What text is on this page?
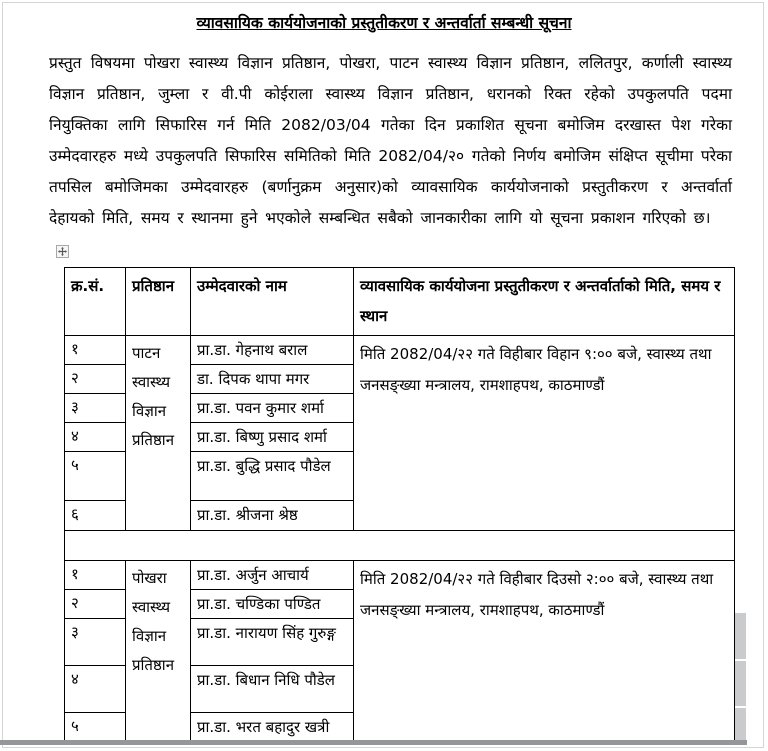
व्यावसायिक कार्ययोजनाको प्रस्तुतीकरण र अन्तर्वार्ता सम्बन्धी सूचना

प्रस्तुत विषयमा पोखरा स्वास्थ्य विज्ञान प्रतिष्ठान, पोखरा, पाटन स्वास्थ्य विज्ञान प्रतिष्ठान, ललितपुर, कर्णाली स्वास्थ्य विज्ञान प्रतिष्ठान, जुम्ला र वी.पी कोईराला स्वास्थ्य विज्ञान प्रतिष्ठान, धरानको रिक्त रहेको उपकुलपति पदमा नियुक्तिका लागि सिफारिस गर्न मिति 2082/03/04 गतेका दिन प्रकाशित सूचना बमोजिम दरखास्त पेश गरेका उम्मेदवारहरु मध्ये उपकुलपति सिफारिस समितिको मिति 2082/04/२० गतेको निर्णय बमोजिम संक्षिप्त सूचीमा परेका तपसिल बमोजिमका उम्मेदवारहरु (बर्णानुक्रम अनुसार)को व्यावसायिक कार्ययोजनाको प्रस्तुतीकरण र अन्तर्वार्ता देहायको मिति, समय र स्थानमा हुने भएकोले सम्बन्धित सबैको जानकारीका लागि यो सूचना प्रकाशन गरिएको छ।

क्र.सं.	प्रतिष्ठान	उम्मेदवारको नाम	व्यावसायिक कार्ययोजना प्रस्तुतीकरण र अन्तर्वार्ताको मिति, समय र स्थान
१	पाटन स्वास्थ्य विज्ञान प्रतिष्ठान	प्रा.डा. गेहनाथ बराल	मिति 2082/04/२२ गते विहीबार विहान ९:०० बजे, स्वास्थ्य तथा जनसङ्ख्या मन्त्रालय, रामशाहपथ, काठमाण्डौं
२		डा. दिपक थापा मगर	
३		प्रा.डा. पवन कुमार शर्मा	
४		प्रा.डा. बिष्णु प्रसाद शर्मा	
५		प्रा.डा. बुद्धि प्रसाद पौडेल	
६		प्रा.डा. श्रीजना श्रेष्ठ	

१	पोखरा स्वास्थ्य विज्ञान प्रतिष्ठान	प्रा.डा. अर्जुन आचार्य	मिति 2082/04/२२ गते विहीबार दिउसो २:०० बजे, स्वास्थ्य तथा जनसङ्ख्या मन्त्रालय, रामशाहपथ, काठमाण्डौं
२		प्रा.डा. चण्डिका पण्डित	
३		प्रा.डा. नारायण सिंह गुरुङ्ग	
४		प्रा.डा. बिधान निधि पौडेल	
५		प्रा.डा. भरत बहादुर खत्री	
